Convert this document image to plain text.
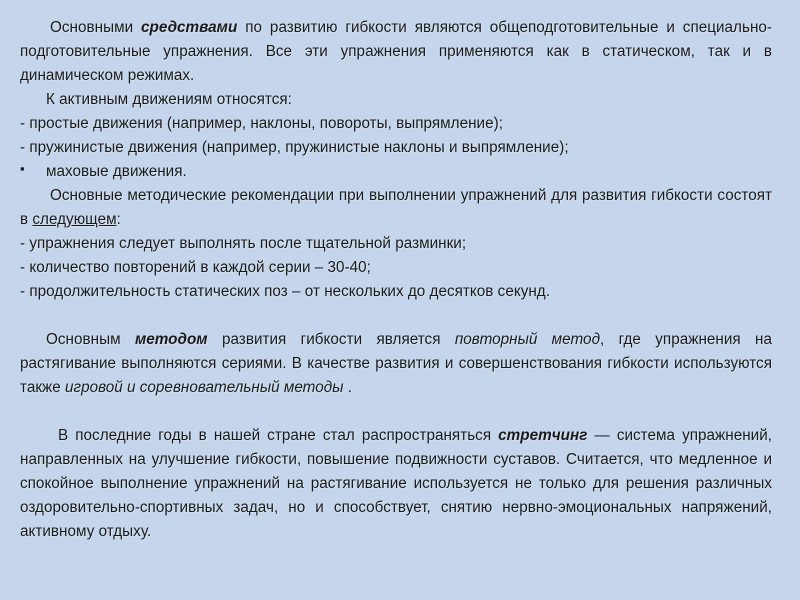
Основными средствами по развитию гибкости являются общеподготовительные и специально-подготовительные упражнения. Все эти упражнения применяются как в статическом, так и в динамическом режимах.
К активным движениям относятся:
- простые движения (например, наклоны, повороты, выпрямление);
- пружинистые движения (например, пружинистые наклоны и выпрямление);
▪ маховые движения.
Основные методические рекомендации при выполнении упражнений для развития гибкости состоят в следующем:
- упражнения следует выполнять после тщательной разминки;
- количество повторений в каждой серии – 30-40;
- продолжительность статических поз – от нескольких до десятков секунд.
Основным методом развития гибкости является повторный метод, где упражнения на растягивание выполняются сериями. В качестве развития и совершенствования гибкости используются также игровой и соревновательный методы .
В последние годы в нашей стране стал распространяться стретчинг — система упражнений, направленных на улучшение гибкости, повышение подвижности суставов. Считается, что медленное и спокойное выполнение упражнений на растягивание используется не только для решения различных оздоровительно-спортивных задач, но и способствует, снятию нервно-эмоциональных напряжений, активному отдыху.
